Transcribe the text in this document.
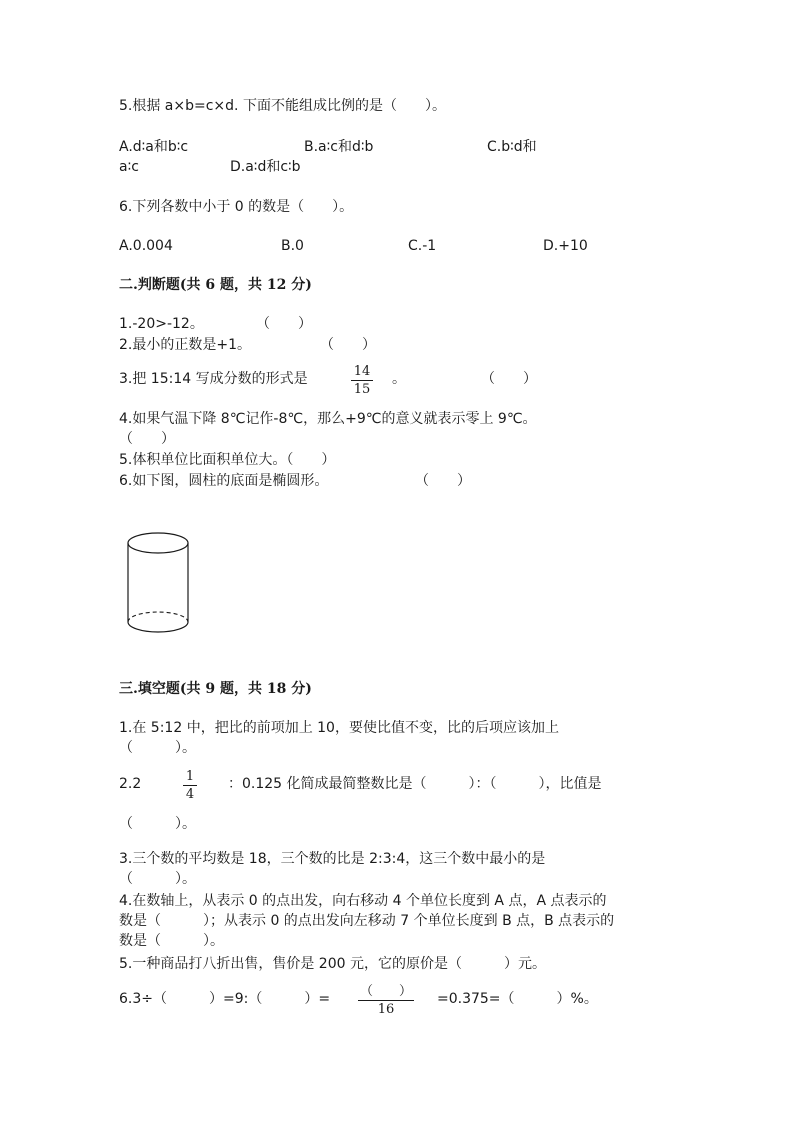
5.根据 a×b=c×d. 下面不能组成比例的是（　　）。
A.d∶a和b∶c	B.a∶c和d∶b	C.b∶d和
a∶c	D.a∶d和c∶b
6.下列各数中小于 0 的数是（　　）。
A.0.004	B.0	C.-1	D.+10
二.判断题(共 6 题，共 12 分)
1.-20>-12。	（　　）
2.最小的正数是+1。	（　　）
3.把 15:14 写成分数的形式是	14
15
。	（　　）
4.如果气温下降 8℃记作-8℃，那么+9℃的意义就表示零上 9℃。
（　　）
5.体积单位比面积单位大。（　　）
6.如下图，圆柱的底面是椭圆形。	（　　）
三.填空题(共 9 题，共 18 分)
1.在 5:12 中，把比的前项加上 10，要使比值不变，比的后项应该加上
（　　　）。
2.2	1
4
：0.125 化简成最简整数比是（　　　）：（　　　），比值是
（　　　）。
3.三个数的平均数是 18，三个数的比是 2:3:4，这三个数中最小的是
（　　　）。
4.在数轴上，从表示 0 的点出发，向右移动 4 个单位长度到 A 点，A 点表示的
数是（　　　）；从表示 0 的点出发向左移动 7 个单位长度到 B 点，B 点表示的
数是（　　　）。
5.一种商品打八折出售，售价是 200 元，它的原价是（　　　）元。
6.3÷（　　　）=9:（　　　）= （　　）
16
=0.375=（　　　）%。
